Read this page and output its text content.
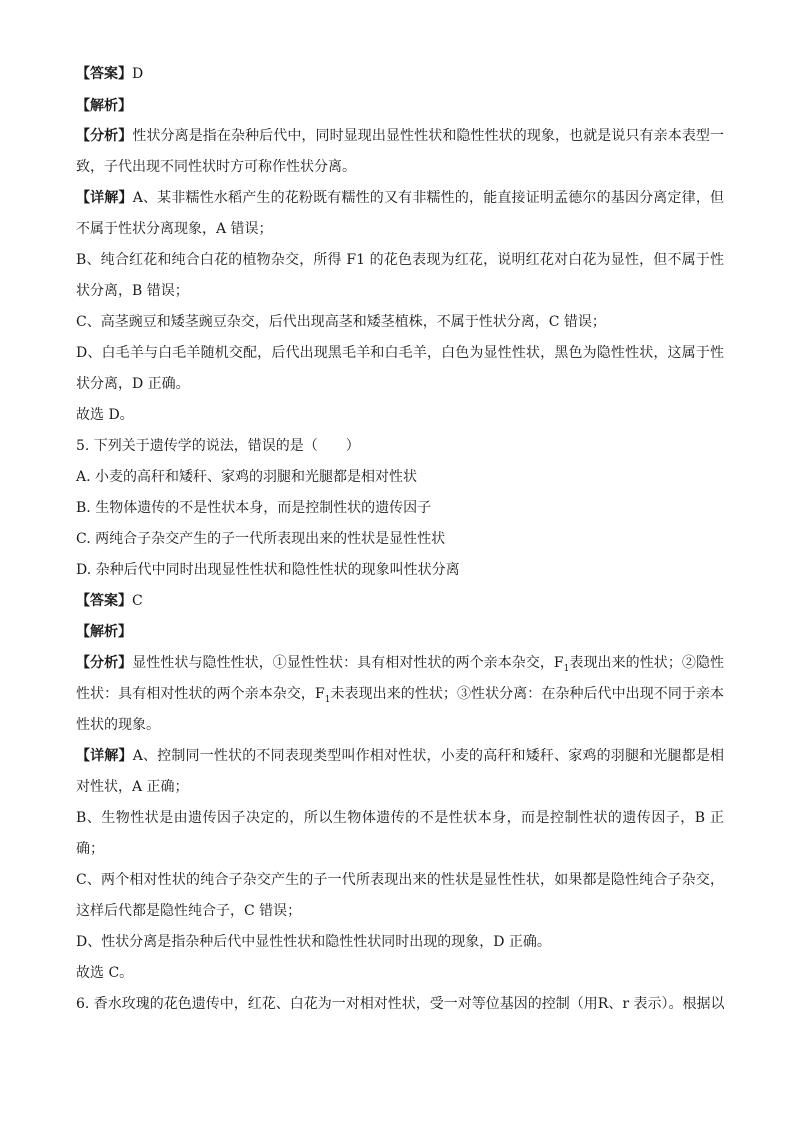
【答案】D

【解析】

【分析】性状分离是指在杂种后代中，同时显现出显性性状和隐性性状的现象，也就是说只有亲本表型一致，子代出现不同性状时方可称作性状分离。

【详解】A、某非糯性水稻产生的花粉既有糯性的又有非糯性的，能直接证明孟德尔的基因分离定律，但不属于性状分离现象，A 错误；

B、纯合红花和纯合白花的植物杂交，所得 F1 的花色表现为红花，说明红花对白花为显性，但不属于性状分离，B 错误；

C、高茎豌豆和矮茎豌豆杂交，后代出现高茎和矮茎植株，不属于性状分离，C 错误；

D、白毛羊与白毛羊随机交配，后代出现黑毛羊和白毛羊，白色为显性性状，黑色为隐性性状，这属于性状分离，D 正确。

故选 D。

5. 下列关于遗传学的说法，错误的是（　　）

A. 小麦的高秆和矮秆、家鸡的羽腿和光腿都是相对性状

B. 生物体遗传的不是性状本身，而是控制性状的遗传因子

C. 两纯合子杂交产生的子一代所表现出来的性状是显性性状

D. 杂种后代中同时出现显性性状和隐性性状的现象叫性状分离

【答案】C

【解析】

【分析】显性性状与隐性性状，①显性性状：具有相对性状的两个亲本杂交，$F_1$表现出来的性状；②隐性性状：具有相对性状的两个亲本杂交，$F_1$未表现出来的性状；③性状分离：在杂种后代中出现不同于亲本性状的现象。

【详解】A、控制同一性状的不同表现类型叫作相对性状，小麦的高秆和矮秆、家鸡的羽腿和光腿都是相对性状，A 正确；

B、生物性状是由遗传因子决定的，所以生物体遗传的不是性状本身，而是控制性状的遗传因子，B 正确；

C、两个相对性状的纯合子杂交产生的子一代所表现出来的性状是显性性状，如果都是隐性纯合子杂交，这样后代都是隐性纯合子，C 错误；

D、性状分离是指杂种后代中显性性状和隐性性状同时出现的现象，D 正确。

故选 C。

6. 香水玫瑰的花色遗传中，红花、白花为一对相对性状，受一对等位基因的控制（用R、r 表示）。根据以
